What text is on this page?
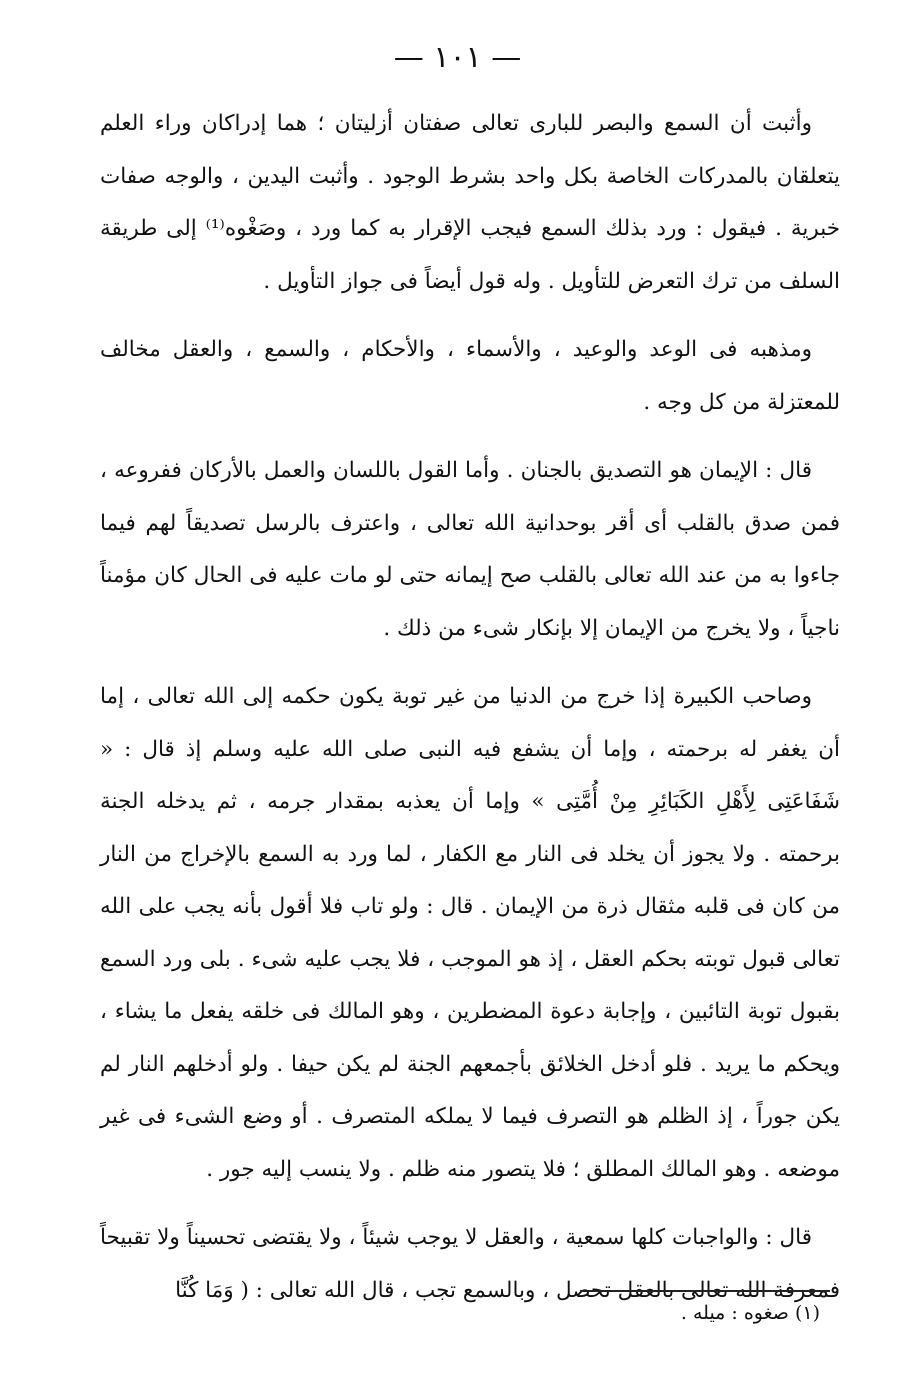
— ١٠١ —

وأثبت أن السمع والبصر للبارى تعالى صفتان أزليتان ؛ هما إدراكان وراء العلم يتعلقان بالمدركات الخاصة بكل واحد بشرط الوجود . وأثبت اليدين ، والوجه صفات خبرية . فيقول : ورد بذلك السمع فيجب الإقرار به كما ورد ، وصَغْوه⁽¹⁾ إلى طريقة السلف من ترك التعرض للتأويل . وله قول أيضاً فى جواز التأويل .

ومذهبه فى الوعد والوعيد ، والأسماء ، والأحكام ، والسمع ، والعقل مخالف للمعتزلة من كل وجه .

قال : الإيمان هو التصديق بالجنان . وأما القول باللسان والعمل بالأركان ففروعه ، فمن صدق بالقلب أى أقر بوحدانية الله تعالى ، واعترف بالرسل تصديقاً لهم فيما جاءوا به من عند الله تعالى بالقلب صح إيمانه حتى لو مات عليه فى الحال كان مؤمناً ناجياً ، ولا يخرج من الإيمان إلا بإنكار شىء من ذلك .

وصاحب الكبيرة إذا خرج من الدنيا من غير توبة يكون حكمه إلى الله تعالى ، إما أن يغفر له برحمته ، وإما أن يشفع فيه النبى صلى الله عليه وسلم إذ قال : « شَفَاعَتِى لِأَهْلِ الكَبَائِرِ مِنْ أُمَّتِى » وإما أن يعذبه بمقدار جرمه ، ثم يدخله الجنة برحمته . ولا يجوز أن يخلد فى النار مع الكفار ، لما ورد به السمع بالإخراج من النار من كان فى قلبه مثقال ذرة من الإيمان . قال : ولو تاب فلا أقول بأنه يجب على الله تعالى قبول توبته بحكم العقل ، إذ هو الموجب ، فلا يجب عليه شىء . بلى ورد السمع بقبول توبة التائبين ، وإجابة دعوة المضطرين ، وهو المالك فى خلقه يفعل ما يشاء ، ويحكم ما يريد . فلو أدخل الخلائق بأجمعهم الجنة لم يكن حيفا . ولو أدخلهم النار لم يكن جوراً ، إذ الظلم هو التصرف فيما لا يملكه المتصرف . أو وضع الشىء فى غير موضعه . وهو المالك المطلق ؛ فلا يتصور منه ظلم . ولا ينسب إليه جور .

قال : والواجبات كلها سمعية ، والعقل لا يوجب شيئاً ، ولا يقتضى تحسيناً ولا تقبيحاً فمعرفة الله تعالى بالعقل تحصل ، وبالسمع تجب ، قال الله تعالى : ( وَمَا كُنَّا

(١) صغوه : ميله .
